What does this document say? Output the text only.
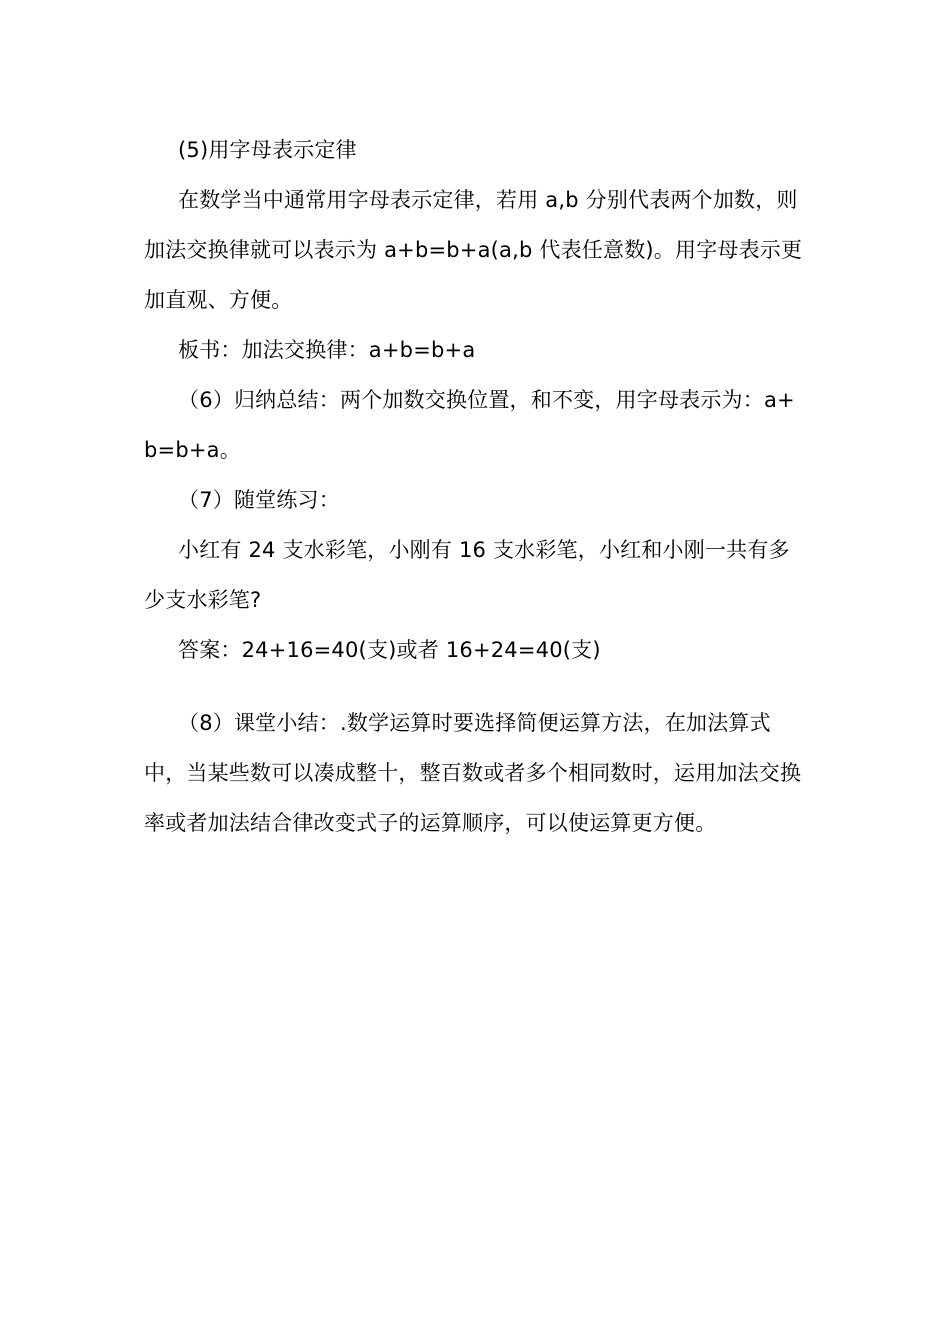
(5)用字母表示定律

在数学当中通常用字母表示定律，若用 a,b 分别代表两个加数，则加法交换律就可以表示为 a+b=b+a(a,b 代表任意数)。用字母表示更加直观、方便。

板书：加法交换律：a+b=b+a

（6）归纳总结：两个加数交换位置，和不变，用字母表示为：a+b=b+a。

（7）随堂练习：

小红有 24 支水彩笔，小刚有 16 支水彩笔，小红和小刚一共有多少支水彩笔?

答案：24+16=40(支)或者 16+24=40(支)

（8）课堂小结：.数学运算时要选择简便运算方法，在加法算式中，当某些数可以凑成整十，整百数或者多个相同数时，运用加法交换率或者加法结合律改变式子的运算顺序，可以使运算更方便。
